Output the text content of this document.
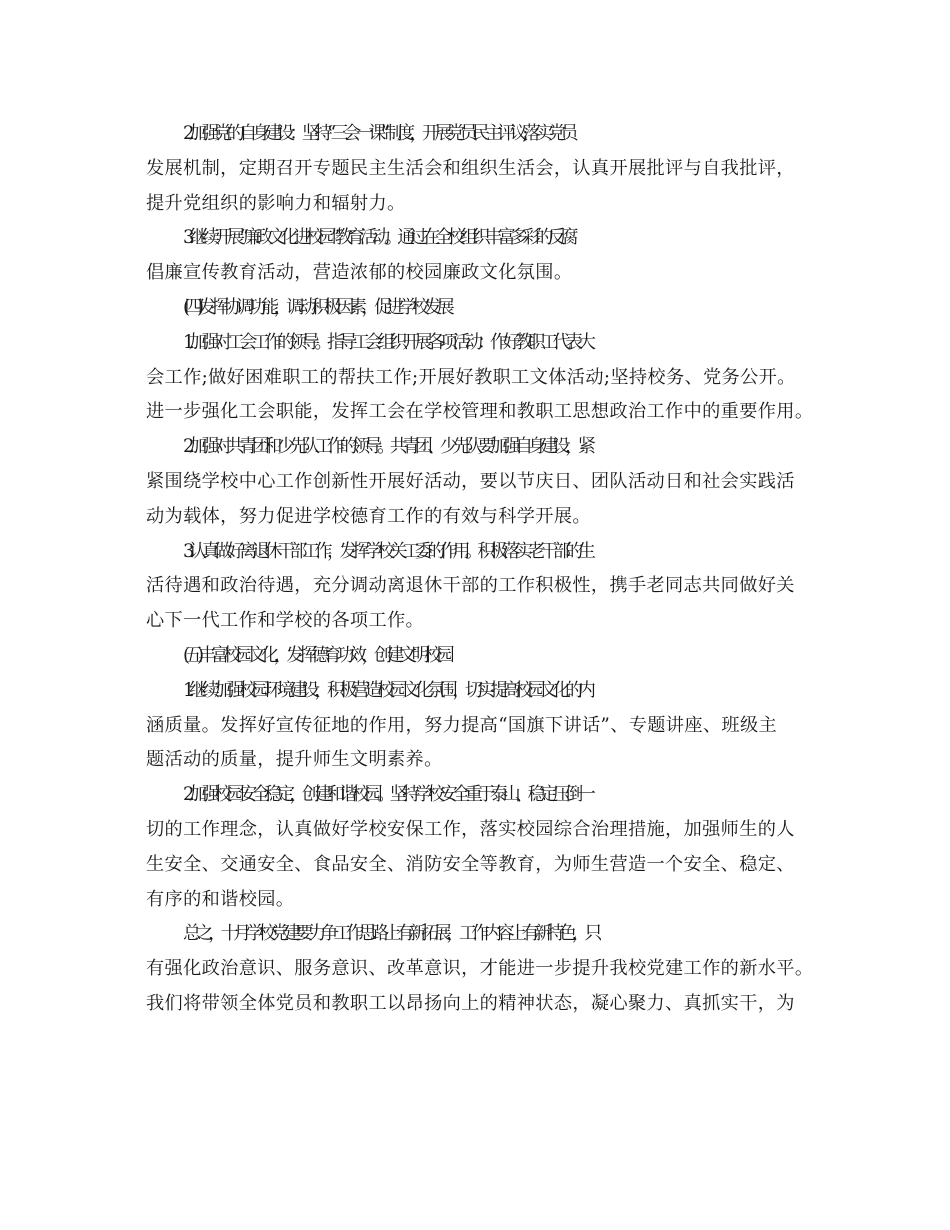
2.加强党的自身建设：坚持“三会一课”制度，开展党员民主评议;落实党员
发展机制，定期召开专题民主生活会和组织生活会，认真开展批评与自我批评，
提升党组织的影响力和辐射力。
3.  继续开展“廉政文化进校园”教育活动。通过在全校组织丰富多彩的反腐
倡廉宣传教育活动，营造浓郁的校园廉政文化氛围。
(四)发挥协调功能，调动积极因素，促进学校发展
1.加强对工会工作的领导。指导工会组织开展各项活动：作好教职工代表大
会工作;做好困难职工的帮扶工作;开展好教职工文体活动;坚持校务、党务公开。
进一步强化工会职能，发挥工会在学校管理和教职工思想政治工作中的重要作用。
2.加强对共青团和少先队工作的领导。共青团、少先队要加强自身建设，紧
紧围绕学校中心工作创新性开展好活动，要以节庆日、团队活动日和社会实践活
动为载体，努力促进学校德育工作的有效与科学开展。
3.认真做好离退休干部工作，发挥学校关工委的作用。积极落实老干部的生
活待遇和政治待遇，充分调动离退休干部的工作积极性，携手老同志共同做好关
心下一代工作和学校的各项工作。
(五)丰富校园文化，发挥德育功效，创建文明校园
1.继续加强校园环境建设，积极营造校园文化氛围，切实提高校园文化的内
涵质量。发挥好宣传征地的作用，努力提高“国旗下讲话”、专题讲座、班级主
题活动的质量，提升师生文明素养。
2.加强校园安全稳定，创建和谐校园。坚持学校安全重于泰山、稳定压倒一
切的工作理念，认真做好学校安保工作，落实校园综合治理措施，加强师生的人
生安全、交通安全、食品安全、消防安全等教育，为师生营造一个安全、稳定、
有序的和谐校园。
总之，十月学校党建要力争工作思路上有新拓展，工作内容上有新特色，只
有强化政治意识、服务意识、改革意识，才能进一步提升我校党建工作的新水平。
我们将带领全体党员和教职工以昂扬向上的精神状态，凝心聚力、真抓实干，为
